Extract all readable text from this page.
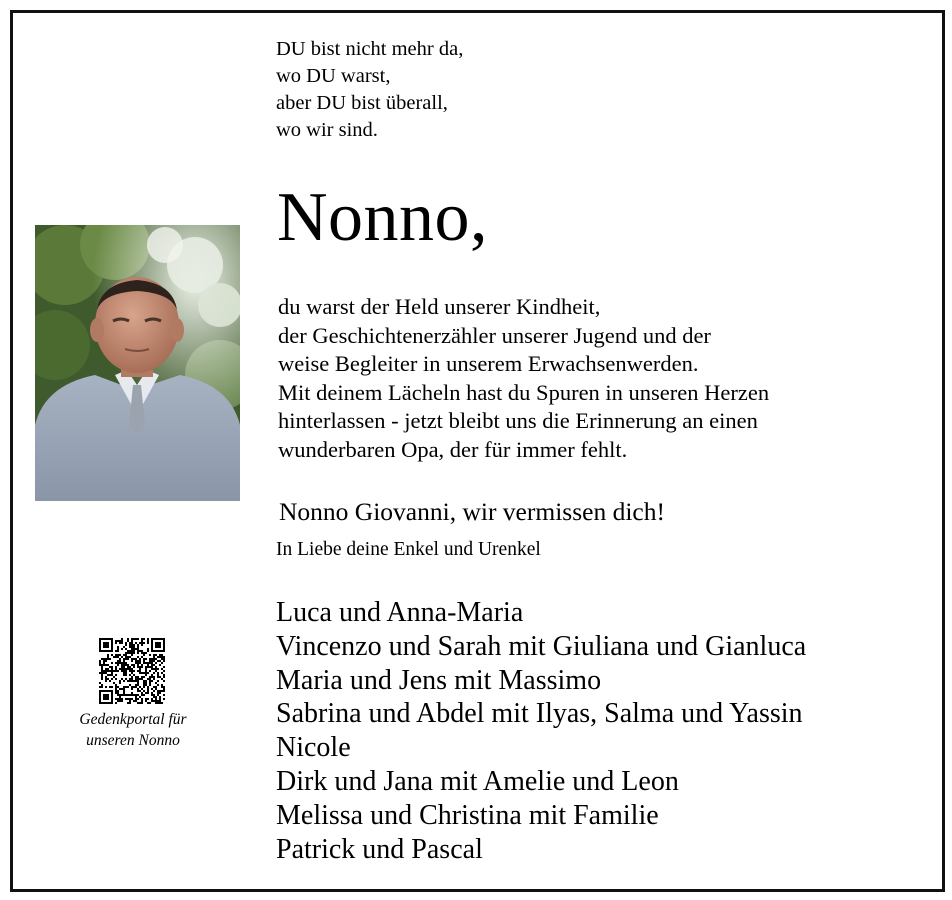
DU bist nicht mehr da,
wo DU warst,
aber DU bist überall,
wo wir sind.
Nonno,
du warst der Held unserer Kindheit,
der Geschichtenerzähler unserer Jugend und der
weise Begleiter in unserem Erwachsenwerden.
Mit deinem Lächeln hast du Spuren in unseren Herzen
hinterlassen - jetzt bleibt uns die Erinnerung an einen
wunderbaren Opa, der für immer fehlt.
Nonno Giovanni, wir vermissen dich!
In Liebe deine Enkel und Urenkel
Luca und Anna-Maria
Vincenzo und Sarah mit Giuliana und Gianluca
Maria und Jens mit Massimo
Sabrina und Abdel mit Ilyas, Salma und Yassin
Nicole
Dirk und Jana mit Amelie und Leon
Melissa und Christina mit Familie
Patrick und Pascal
Gedenkportal für
unseren Nonno
